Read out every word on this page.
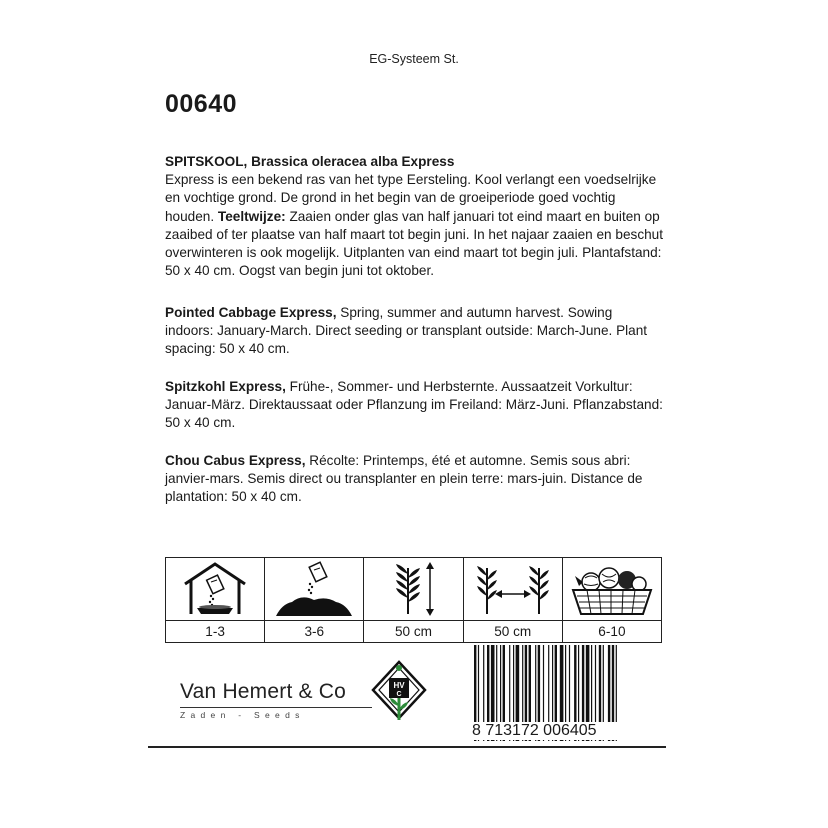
EG-Systeem St.
00640
SPITSKOOL, Brassica oleracea alba Express
Express is een bekend ras van het type Eersteling. Kool verlangt een voedselrijke en vochtige grond. De grond in het begin van de groeiperiode goed vochtig houden. Teeltwijze: Zaaien onder glas van half januari tot eind maart en buiten op zaaibed of ter plaatse van half maart tot begin juni. In het najaar zaaien en beschut overwinteren is ook mogelijk. Uitplanten van eind maart tot begin juli. Plantafstand: 50 x 40 cm. Oogst van begin juni tot oktober.
Pointed Cabbage Express, Spring, summer and autumn harvest. Sowing indoors: January-March. Direct seeding or transplant outside: March-June. Plant spacing: 50 x 40 cm.
Spitzkohl Express, Frühe-, Sommer- und Herbsternte. Aussaatzeit Vorkultur: Januar-März. Direktaussaat oder Pflanzung im Freiland: März-Juni. Pflanzabstand: 50 x 40 cm.
Chou Cabus Express, Récolte: Printemps, été et automne. Semis sous abri: janvier-mars. Semis direct ou transplanter en plein terre: mars-juin. Distance de plantation: 50 x 40 cm.
1-3	3-6	50 cm	50 cm	6-10
Van Hemert & Co
Zaden - Seeds
HV
C
8 713172 006405
